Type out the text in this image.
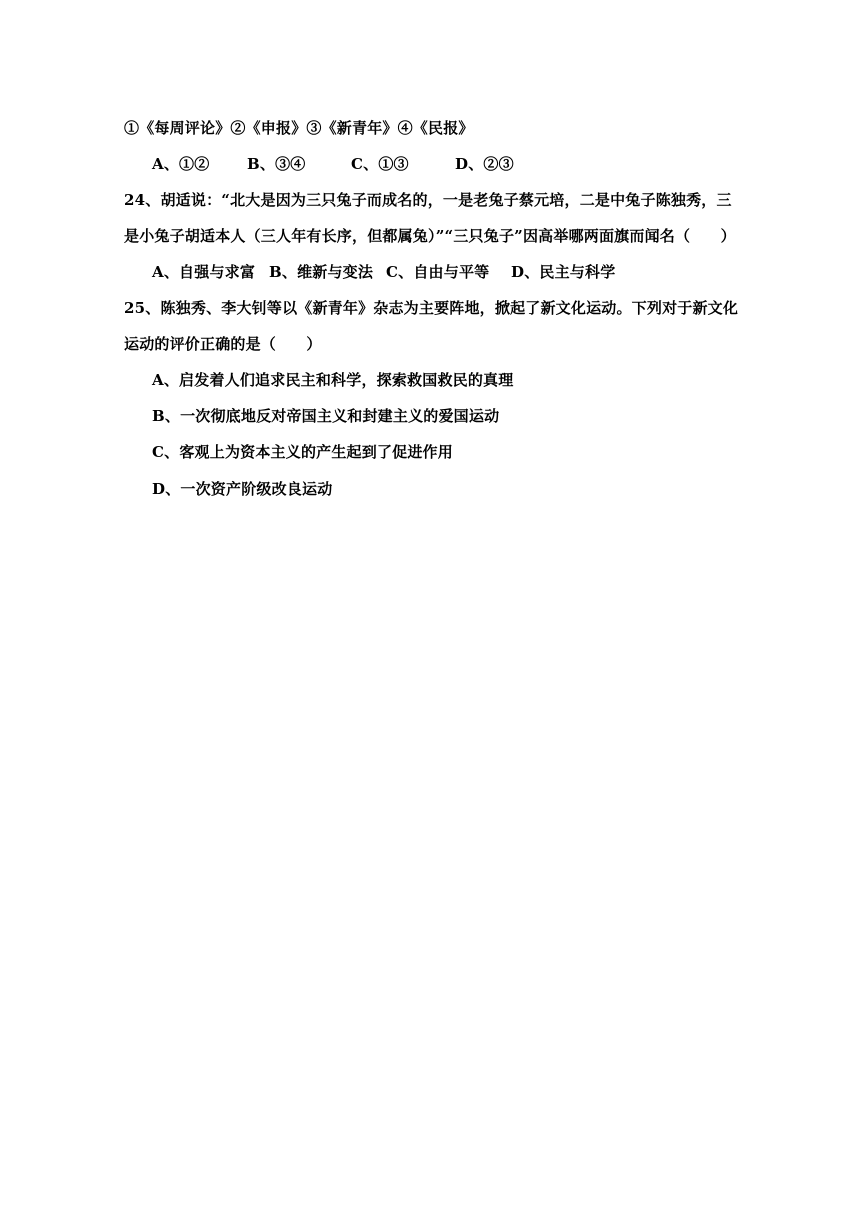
①《每周评论》②《申报》③《新青年》④《民报》
A、①②	B、③④	C、①③	D、②③
24、胡适说：“北大是因为三只兔子而成名的，一是老兔子蔡元培，二是中兔子陈独秀，三
是小兔子胡适本人（三人年有长序，但都属兔）”“三只兔子”因高举哪两面旗而闻名（　　）
A、自强与求富 B、维新与变法 C、自由与平等 D、民主与科学
25、陈独秀、李大钊等以《新青年》杂志为主要阵地，掀起了新文化运动。下列对于新文化
运动的评价正确的是（　　）
A、启发着人们追求民主和科学，探索救国救民的真理
B、一次彻底地反对帝国主义和封建主义的爱国运动
C、客观上为资本主义的产生起到了促进作用
D、一次资产阶级改良运动
